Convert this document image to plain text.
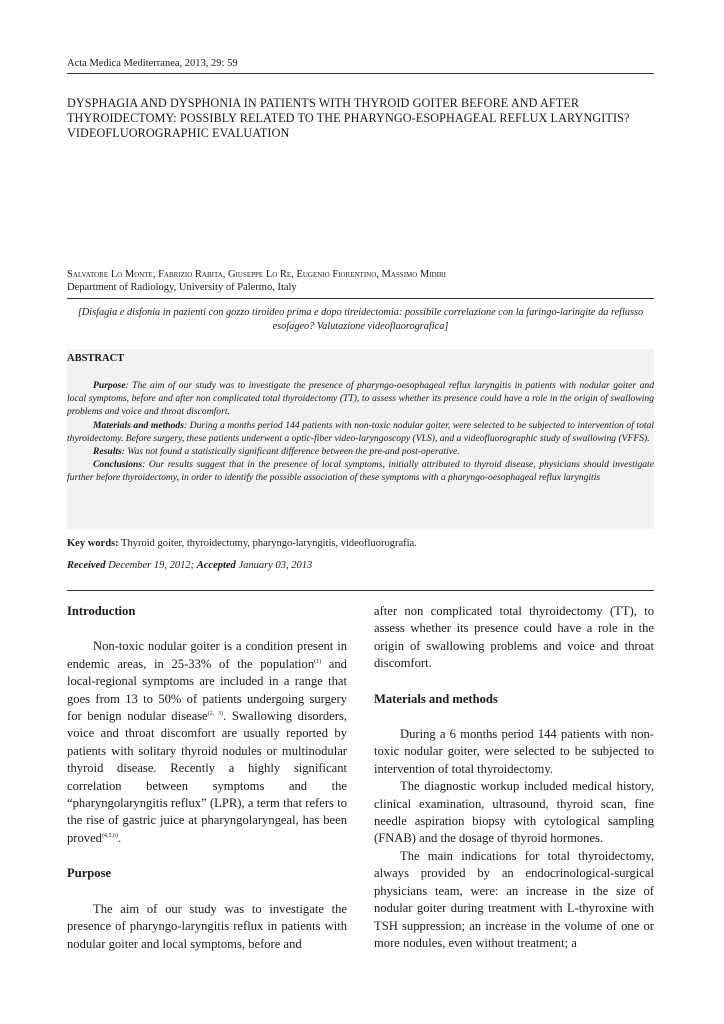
Acta Medica Mediterranea, 2013, 29: 59
DYSPHAGIA AND DYSPHONIA IN PATIENTS WITH THYROID GOITER BEFORE AND AFTER THYROIDECTOMY: POSSIBLY RELATED TO THE PHARYNGO-ESOPHAGEAL REFLUX LARYNGITIS? VIDEOFLUOROGRAPHIC EVALUATION
Salvatore Lo Monte, Fabrizio Rabita, Giuseppe Lo Re, Eugenio Fiorentino, Massimo Midiri
Department of Radiology, University of Palermo, Italy
[Disfagia e disfonia in pazienti con gozzo tiroideo prima e dopo tireidectomia: possibile correlazione con la faringo-laringite da reflusso esofageo? Valutazione videofluorografica]
ABSTRACT

Purpose: The aim of our study was to investigate the presence of pharyngo-oesophageal reflux laryngitis in patients with nodular goiter and local symptoms, before and after non complicated total thyroidectomy (TT), to assess whether its presence could have a role in the origin of swallowing problems and voice and throat discomfort.

Materials and methods: During a months period 144 patients with non-toxic nodular goiter, were selected to be subjected to intervention of total thyroidectomy. Before surgery, these patients underwent a optic-fiber video-laryngoscopy (VLS), and a videofluorographic study of swallowing (VFFS).

Results: Was not found a statistically significant difference between the pre-and post-operative.

Conclusions: Our results suggest that in the presence of local symptoms, initially attributed to thyroid disease, physicians should investigate further before thyroidectomy, in order to identify the possible association of these symptoms with a pharyngo-oesophageal reflux laryngitis

Key words: Thyroid goiter, thyroidectomy, pharyngo-laryngitis, videofluorografia.
Received December 19, 2012; Accepted January 03, 2013
Introduction

Non-toxic nodular goiter is a condition present in endemic areas, in 25-33% of the population$^{(1)}$ and local-regional symptoms are included in a range that goes from 13 to 50% of patients undergoing surgery for benign nodular disease$^{(2, 3)}$. Swallowing disorders, voice and throat discomfort are usually reported by patients with solitary thyroid nodules or multinodular thyroid disease. Recently a highly significant correlation between symptoms and the “pharyngolaryngitis reflux” (LPR), a term that refers to the rise of gastric juice at pharyngolaryngeal, has been proved$^{(4,5,6)}$.

Purpose

The aim of our study was to investigate the presence of pharyngo-laryngitis reflux in patients with nodular goiter and local symptoms, before and

after non complicated total thyroidectomy (TT), to assess whether its presence could have a role in the origin of swallowing problems and voice and throat discomfort.

Materials and methods

During a 6 months period 144 patients with non-toxic nodular goiter, were selected to be subjected to intervention of total thyroidectomy.

The diagnostic workup included medical history, clinical examination, ultrasound, thyroid scan, fine needle aspiration biopsy with cytological sampling (FNAB) and the dosage of thyroid hormones.

The main indications for total thyroidectomy, always provided by an endocrinological-surgical physicians team, were: an increase in the size of nodular goiter during treatment with L-thyroxine with TSH suppression; an increase in the volume of one or more nodules, even without treatment; a
